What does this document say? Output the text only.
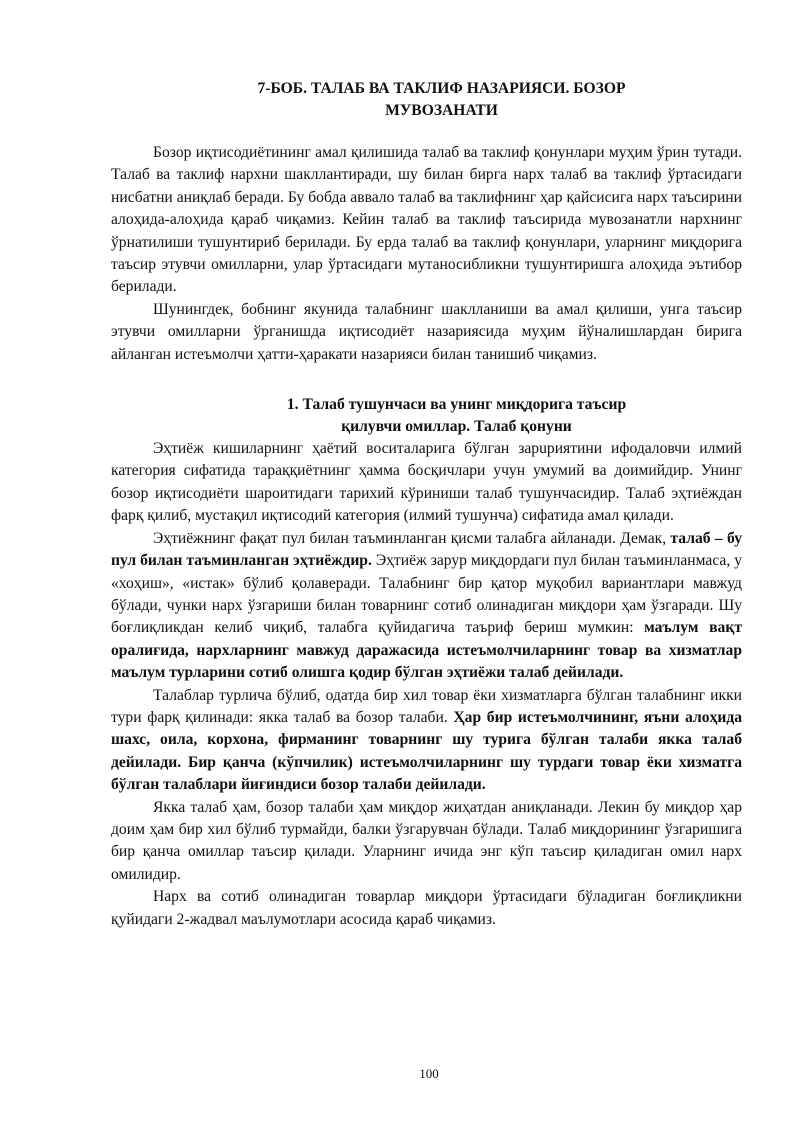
7-БОБ. ТАЛАБ ВА ТАКЛИФ НАЗАРИЯСИ. БОЗОР
МУВОЗАНАТИ

Бозор иқтисодиётининг амал қилишида талаб ва таклиф қонунлари муҳим ўрин тутади. Талаб ва таклиф нархни шакллантиради, шу билан бирга нарх талаб ва таклиф ўртасидаги нисбатни аниқлаб беради. Бу бобда аввало талаб ва таклифнинг ҳар қайсисига нарх таъсирини алоҳида-алоҳида қараб чиқамиз. Кейин талаб ва таклиф таъсирида мувозанатли нархнинг ўрнатилиши тушунтириб берилади. Бу ерда талаб ва таклиф қонунлари, уларнинг миқдорига таъсир этувчи омилларни, улар ўртасидаги мутаносибликни тушунтиришга алоҳида эътибор берилади.

Шунингдек, бобнинг якунида талабнинг шаклланиши ва амал қилиши, унга таъсир этувчи омилларни ўрганишда иқтисодиёт назариясида муҳим йўналишлардан бирига айланган истеъмолчи ҳатти-ҳаракати назарияси билан танишиб чиқамиз.

1. Талаб тушунчаси ва унинг миқдорига таъсир
қилувчи омиллар. Талаб қонуни

Эҳтиёж кишиларнинг ҳаётий воситаларига бўлган зарuриятини ифодаловчи илмий категория сифатида тараққиётнинг ҳамма босқичлари учун умумий ва доимийдир. Унинг бозор иқтисодиёти шароитидаги тарихий кўриниши талаб тушунчасидир. Талаб эҳтиёждан фарқ қилиб, мустақил иқтисодий категория (илмий тушунча) сифатида амал қилади.

Эҳтиёжнинг фақат пул билан таъминланган қисми талабга айланади. Демак, талаб – бу пул билан таъминланган эҳтиёждир. Эҳтиёж зарур миқдордаги пул билан таъминланмаса, у «хоҳиш», «истак» бўлиб қолаверади. Талабнинг бир қатор муқобил вариантлари мавжуд бўлади, чунки нарх ўзгариши билан товарнинг сотиб олинадиган миқдори ҳам ўзгаради. Шу боғлиқликдан келиб чиқиб, талабга қуйидагича таъриф бериш мумкин: маълум вақт оралиғида, нархларнинг мавжуд даражасида истеъмолчиларнинг товар ва хизматлар маълум турларини сотиб олишга қодир бўлган эҳтиёжи талаб дейилади.

Талаблар турлича бўлиб, одатда бир хил товар ёки хизматларга бўлган талабнинг икки тури фарқ қилинади: якка талаб ва бозор талаби. Ҳар бир истеъмолчининг, яъни алоҳида шахс, оила, корхона, фирманинг товарнинг шу турига бўлган талаби якка талаб дейилади. Бир қанча (кўпчилик) истеъмолчиларнинг шу турдаги товар ёки хизматга бўлган талаблари йиғиндиси бозор талаби дейилади.

Якка талаб ҳам, бозор талаби ҳам миқдор жиҳатдан аниқланади. Лекин бу миқдор ҳар доим ҳам бир хил бўлиб турмайди, балки ўзгарувчан бўлади. Талаб миқдорининг ўзгаришига бир қанча омиллар таъсир қилади. Уларнинг ичида энг кўп таъсир қиладиган омил нарх омилидир.

Нарх ва сотиб олинадиган товарлар миқдори ўртасидаги бўладиган боғлиқликни қуйидаги 2-жадвал маълумотлари асосида қараб чиқамиз.

100
